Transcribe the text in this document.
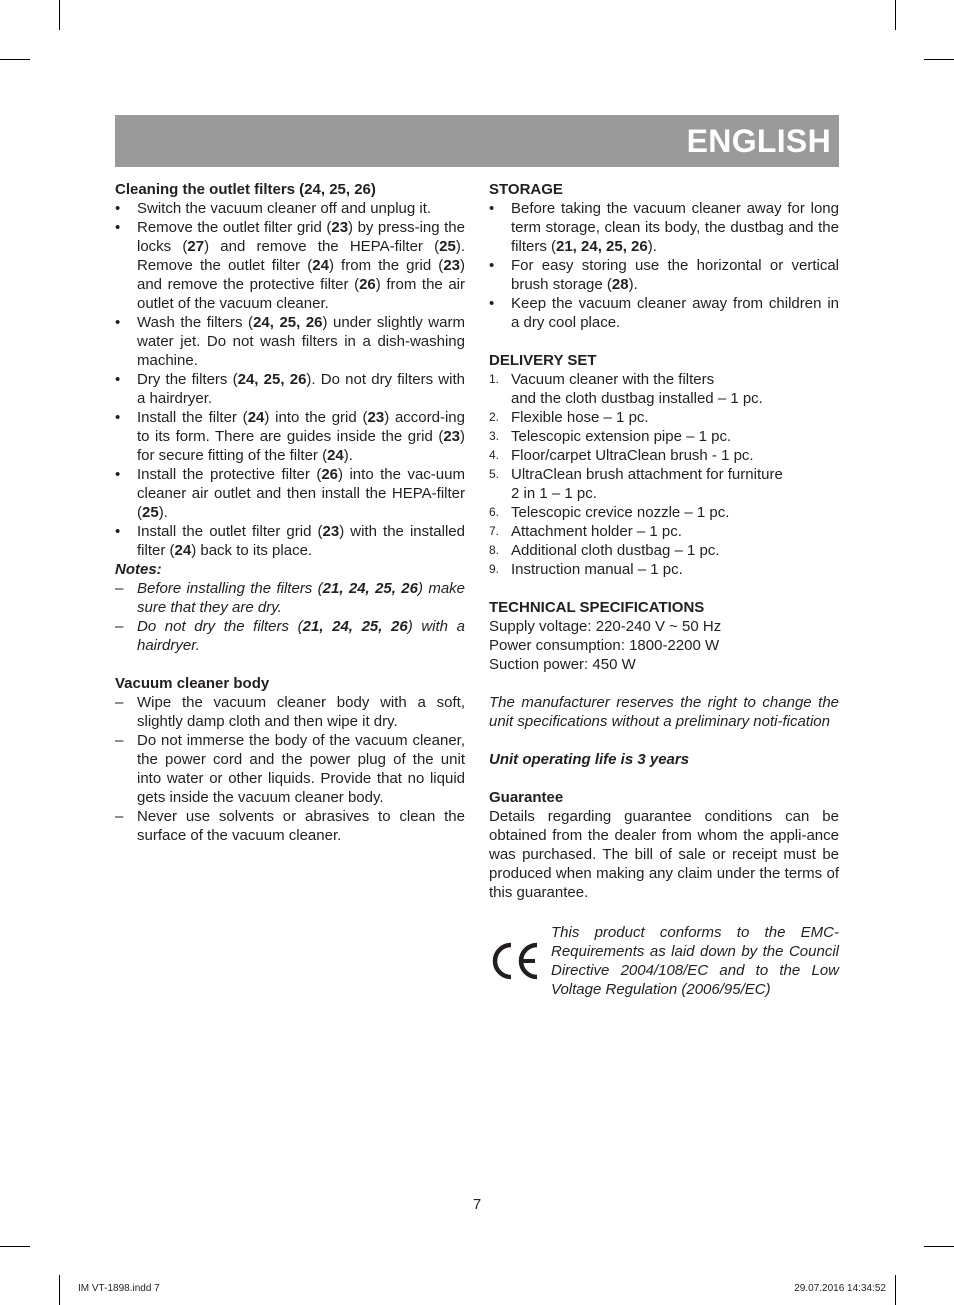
ENGLISH

Cleaning the outlet filters (24, 25, 26)

• Switch the vacuum cleaner off and unplug it.
• Remove the outlet filter grid (23) by press-ing the locks (27) and remove the HEPA-filter (25). Remove the outlet filter (24) from the grid (23) and remove the protective filter (26) from the air outlet of the vacuum cleaner.
• Wash the filters (24, 25, 26) under slightly warm water jet. Do not wash filters in a dish-washing machine.
• Dry the filters (24, 25, 26). Do not dry filters with a hairdryer.
• Install the filter (24) into the grid (23) accord-ing to its form. There are guides inside the grid (23) for secure fitting of the filter (24).
• Install the protective filter (26) into the vac-uum cleaner air outlet and then install the HEPA-filter (25).
• Install the outlet filter grid (23) with the installed filter (24) back to its place.

Notes:

– Before installing the filters (21, 24, 25, 26) make sure that they are dry.
– Do not dry the filters (21, 24, 25, 26) with a hairdryer.

Vacuum cleaner body

– Wipe the vacuum cleaner body with a soft, slightly damp cloth and then wipe it dry.
– Do not immerse the body of the vacuum cleaner, the power cord and the power plug of the unit into water or other liquids. Provide that no liquid gets inside the vacuum cleaner body.
– Never use solvents or abrasives to clean the surface of the vacuum cleaner.

STORAGE

• Before taking the vacuum cleaner away for long term storage, clean its body, the dustbag and the filters (21, 24, 25, 26).
• For easy storing use the horizontal or vertical brush storage (28).
• Keep the vacuum cleaner away from children in a dry cool place.

DELIVERY SET

1. Vacuum cleaner with the filters
and the cloth dustbag installed – 1 pc.
2. Flexible hose – 1 pc.
3. Telescopic extension pipe – 1 pc.
4. Floor/carpet UltraClean brush - 1 pc.
5. UltraClean brush attachment for furniture
2 in 1 – 1 pc.
6. Telescopic crevice nozzle – 1 pc.
7. Attachment holder – 1 pc.
8. Additional cloth dustbag – 1 pc.
9. Instruction manual – 1 pc.

TECHNICAL SPECIFICATIONS

Supply voltage: 220-240 V ~ 50 Hz

Power consumption: 1800-2200 W

Suction power: 450 W

The manufacturer reserves the right to change the unit specifications without a preliminary noti-fication

Unit operating life is 3 years

Guarantee

Details regarding guarantee conditions can be obtained from the dealer from whom the appli-ance was purchased. The bill of sale or receipt must be produced when making any claim under the terms of this guarantee.

This product conforms to the EMC-Requirements as laid down by the Council Directive 2004/108/EC and to the Low Voltage Regulation (2006/95/EC)

7
IM VT-1898.indd 7	29.07.2016 14:34:52
